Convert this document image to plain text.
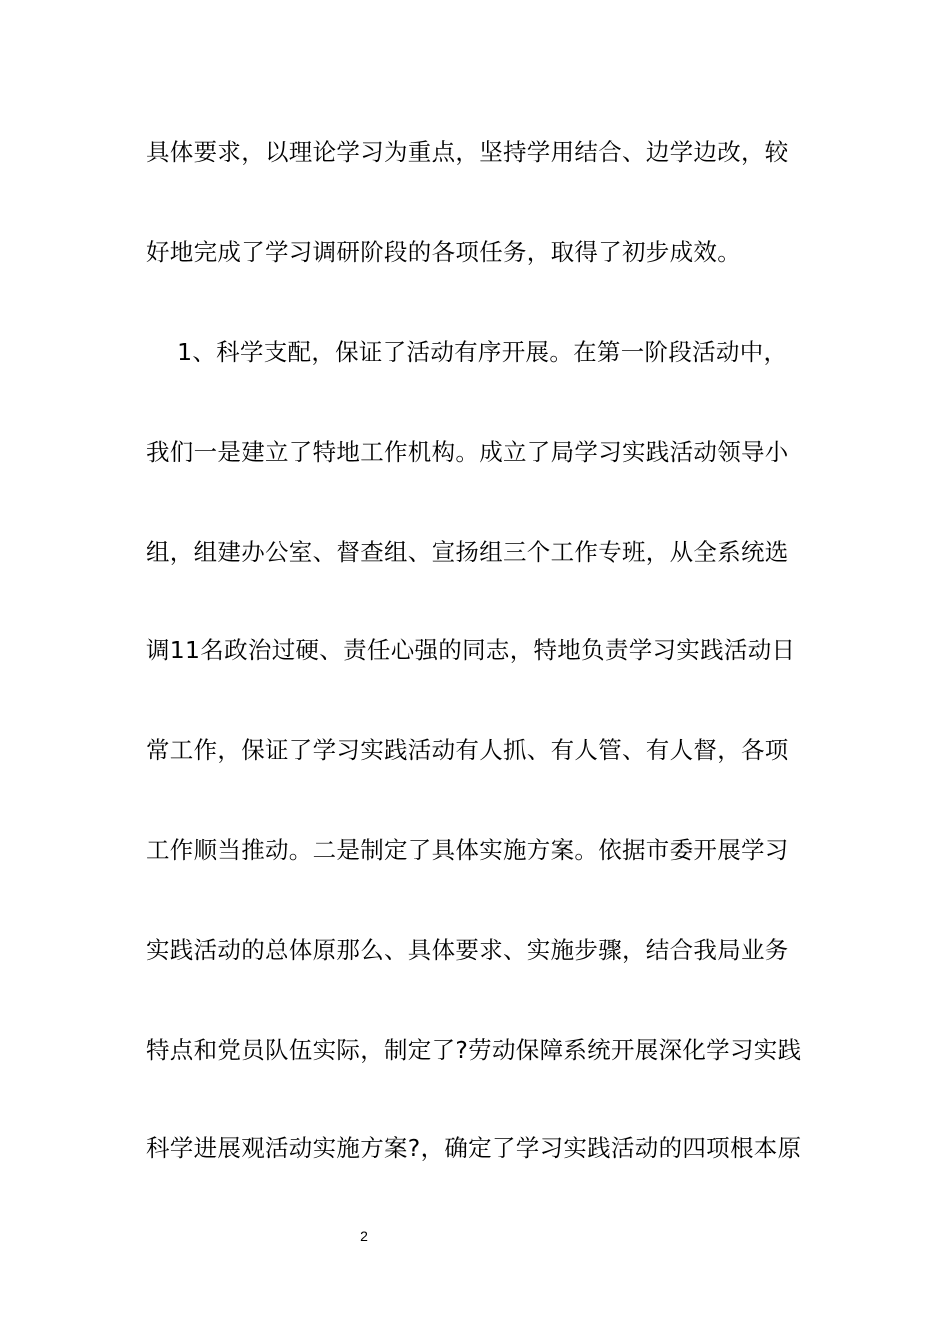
具体要求，以理论学习为重点，坚持学用结合、边学边改，较
好地完成了学习调研阶段的各项任务，取得了初步成效。
1、科学支配，保证了活动有序开展。在第一阶段活动中，
我们一是建立了特地工作机构。成立了局学习实践活动领导小
组，组建办公室、督查组、宣扬组三个工作专班，从全系统选
调11名政治过硬、责任心强的同志，特地负责学习实践活动日
常工作，保证了学习实践活动有人抓、有人管、有人督，各项
工作顺当推动。二是制定了具体实施方案。依据市委开展学习
实践活动的总体原那么、具体要求、实施步骤，结合我局业务
特点和党员队伍实际，制定了?劳动保障系统开展深化学习实践
科学进展观活动实施方案?，确定了学习实践活动的四项根本原
2
